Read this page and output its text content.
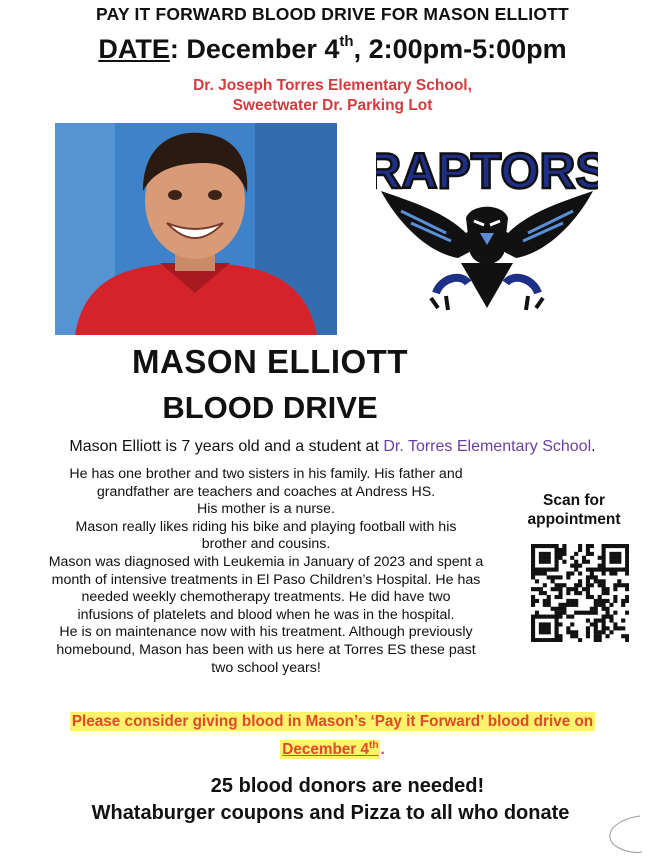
PAY IT FORWARD BLOOD DRIVE FOR MASON ELLIOTT
DATE: December 4th, 2:00pm-5:00pm
Dr. Joseph Torres Elementary School,
Sweetwater Dr. Parking Lot
RAPTORS
MASON ELLIOTT
BLOOD DRIVE
Mason Elliott is 7 years old and a student at Dr. Torres Elementary School.
He has one brother and two sisters in his family. His father and
grandfather are teachers and coaches at Andress HS.
His mother is a nurse.
Mason really likes riding his bike and playing football with his
brother and cousins.
Mason was diagnosed with Leukemia in January of 2023 and spent a
month of intensive treatments in El Paso Children’s Hospital. He has
needed weekly chemotherapy treatments. He did have two
infusions of platelets and blood when he was in the hospital.
He is on maintenance now with his treatment. Although previously
homebound, Mason has been with us here at Torres ES these past
two school years!
Scan for
appointment
Please consider giving blood in Mason’s ‘Pay it Forward’ blood drive on
December 4th .
25 blood donors are needed!
Whataburger coupons and Pizza to all who donate
